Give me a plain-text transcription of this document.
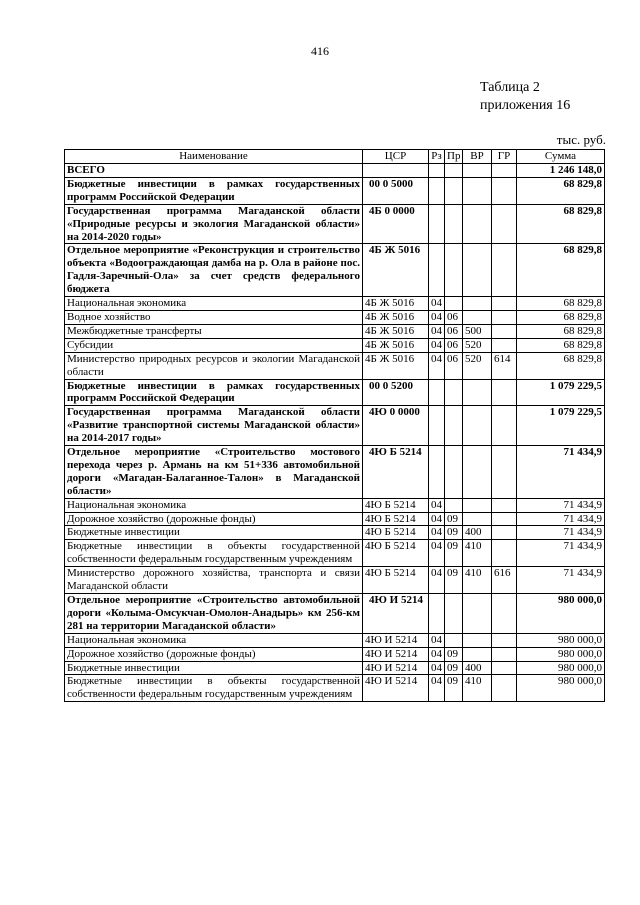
416
Таблица 2
приложения 16
тыс. руб.
Наименование	ЦСР	Рз	Пр	ВР	ГР	Сумма
ВСЕГО						1 246 148,0
Бюджетные инвестиции в рамках государственных программ Российской Федерации	00 0 5000					68 829,8
Государственная программа Магаданской области «Природные ресурсы и экология Магаданской области» на 2014-2020 годы»	4Б 0 0000					68 829,8
Отдельное мероприятие «Реконструкция и строительство объекта «Водоограждающая дамба на р. Ола в районе пос. Гадля-Заречный-Ола» за счет средств федерального бюджета	4Б Ж 5016					68 829,8
Национальная экономика	4Б Ж 5016	04				68 829,8
Водное хозяйство	4Б Ж 5016	04	06			68 829,8
Межбюджетные трансферты	4Б Ж 5016	04	06	500		68 829,8
Субсидии	4Б Ж 5016	04	06	520		68 829,8
Министерство природных ресурсов и экологии Магаданской области	4Б Ж 5016	04	06	520	614	68 829,8
Бюджетные инвестиции в рамках государственных программ Российской Федерации	00 0 5200					1 079 229,5
Государственная программа Магаданской области «Развитие транспортной системы Магаданской области» на 2014-2017 годы»	4Ю 0 0000					1 079 229,5
Отдельное мероприятие «Строительство мостового перехода через р. Армань на км 51+336 автомобильной дороги «Магадан-Балаганное-Талон» в Магаданской области»	4Ю Б 5214					71 434,9
Национальная экономика	4Ю Б 5214	04				71 434,9
Дорожное хозяйство (дорожные фонды)	4Ю Б 5214	04	09			71 434,9
Бюджетные инвестиции	4Ю Б 5214	04	09	400		71 434,9
Бюджетные инвестиции в объекты государственной собственности федеральным государственным учреждениям	4Ю Б 5214	04	09	410		71 434,9
Министерство дорожного хозяйства, транспорта и связи Магаданской области	4Ю Б 5214	04	09	410	616	71 434,9
Отдельное мероприятие «Строительство автомобильной дороги «Колыма-Омсукчан-Омолон-Анадырь» км 256-км 281 на территории Магаданской области»	4Ю И 5214					980 000,0
Национальная экономика	4Ю И 5214	04				980 000,0
Дорожное хозяйство (дорожные фонды)	4Ю И 5214	04	09			980 000,0
Бюджетные инвестиции	4Ю И 5214	04	09	400		980 000,0
Бюджетные инвестиции в объекты государственной собственности федеральным государственным учреждениям	4Ю И 5214	04	09	410		980 000,0
